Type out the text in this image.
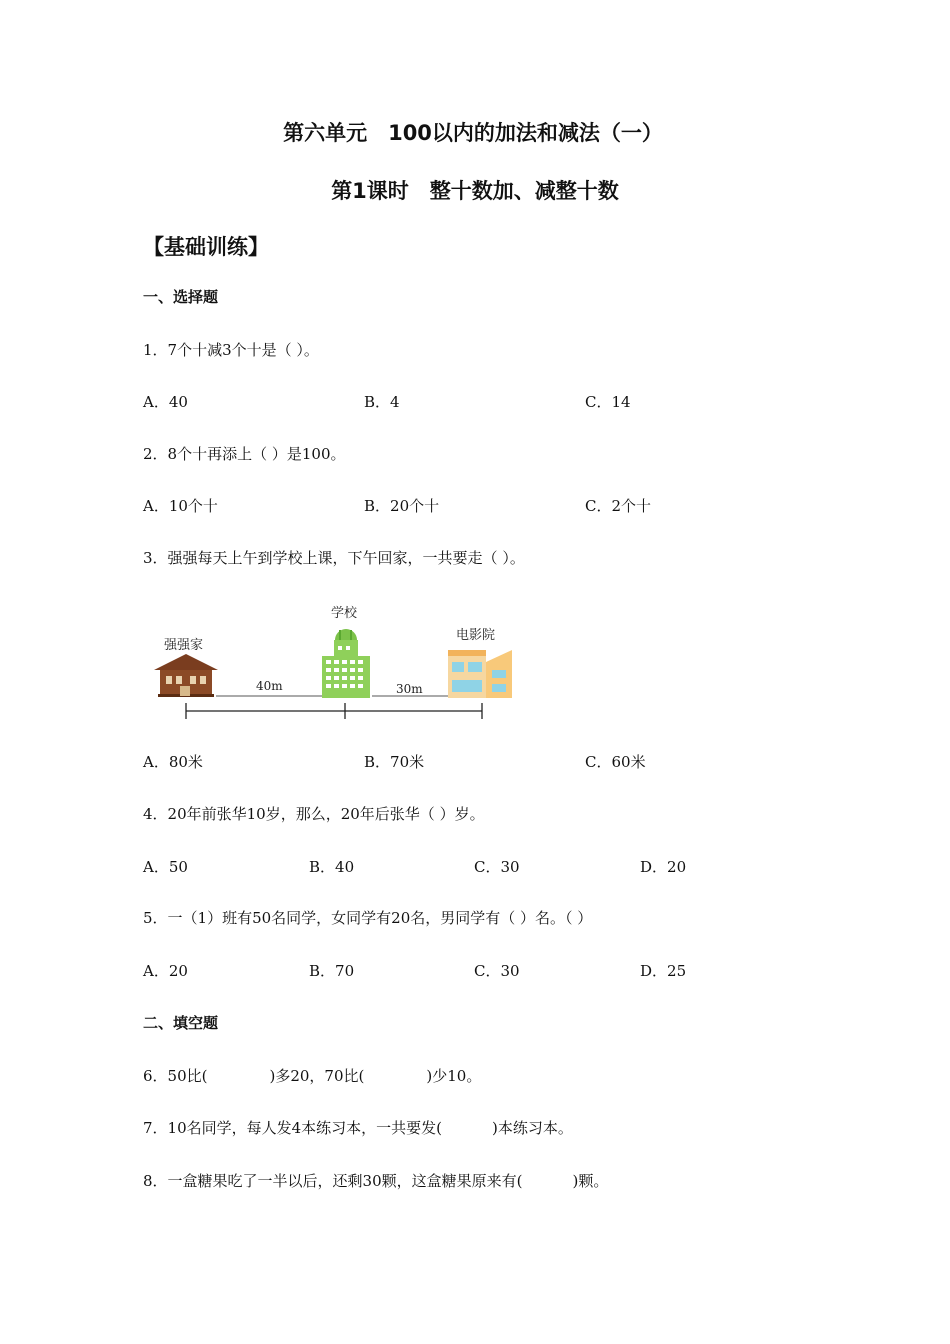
第六单元　100以内的加法和减法（一）
第1课时　整十数加、减整十数
【基础训练】
一、选择题
1．7个十减3个十是（ ）。
A．40	B．4	C．14
2．8个十再添上（ ）是100。
A．10个十	B．20个十	C．2个十
3．强强每天上午到学校上课，下午回家，一共要走（ ）。
强强家
学校
电影院
40m	30m
A．80米	B．70米	C．60米
4．20年前张华10岁，那么，20年后张华（ ）岁。
A．50	B．40	C．30	D．20
5．一（1）班有50名同学，女同学有20名，男同学有（ ）名。（ ）
A．20	B．70	C．30	D．25
二、填空题
6．50比(	)多20，70比(	)少10。
7．10名同学，每人发4本练习本，一共要发(	)本练习本。
8．一盒糖果吃了一半以后，还剩30颗，这盒糖果原来有(	)颗。
